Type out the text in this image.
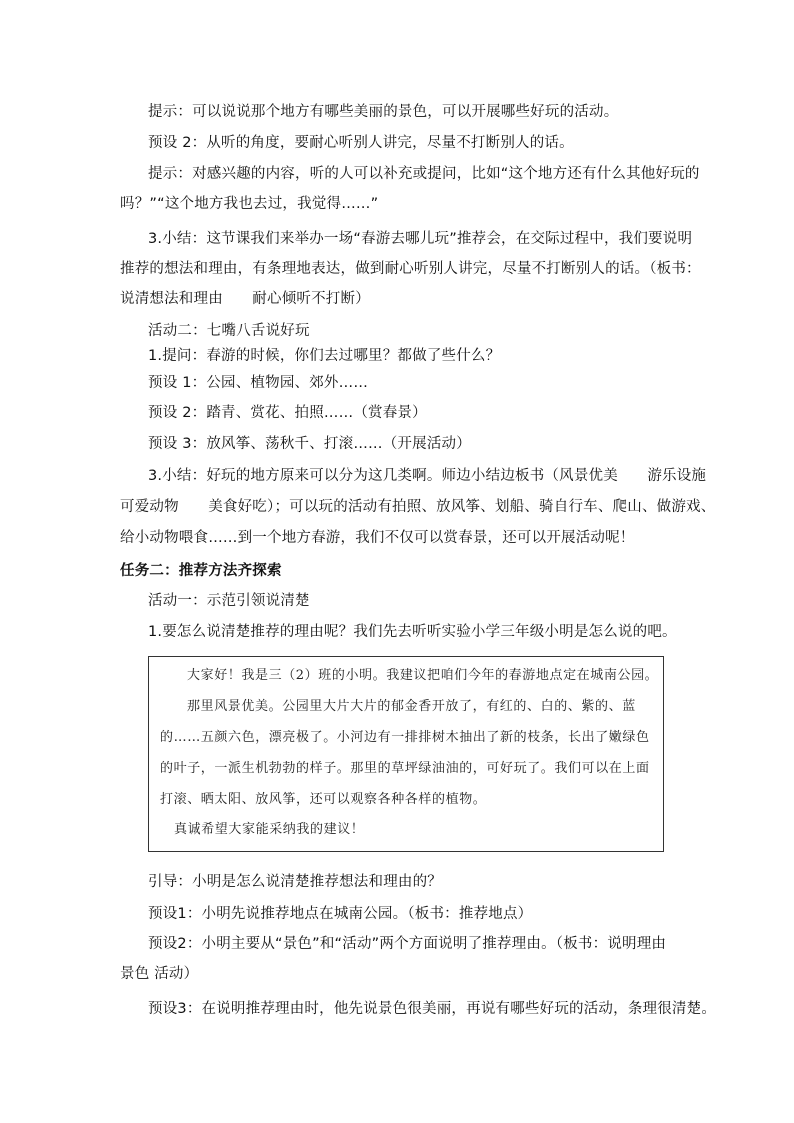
提示：可以说说那个地方有哪些美丽的景色，可以开展哪些好玩的活动。
预设 2：从听的角度，要耐心听别人讲完，尽量不打断别人的话。
提示：对感兴趣的内容，听的人可以补充或提问，比如“这个地方还有什么其他好玩的
吗？”“这个地方我也去过，我觉得……”
3.小结：这节课我们来举办一场“春游去哪儿玩”推荐会，在交际过程中，我们要说明
推荐的想法和理由，有条理地表达，做到耐心听别人讲完，尽量不打断别人的话。（板书：
说清想法和理由　　耐心倾听不打断）
活动二：七嘴八舌说好玩
1.提问：春游的时候，你们去过哪里？都做了些什么？
预设 1：公园、植物园、郊外……
预设 2：踏青、赏花、拍照……（赏春景）
预设 3：放风筝、荡秋千、打滚……（开展活动）
3.小结：好玩的地方原来可以分为这几类啊。师边小结边板书（风景优美　　游乐设施
可爱动物　　美食好吃）；可以玩的活动有拍照、放风筝、划船、骑自行车、爬山、做游戏、
给小动物喂食……到一个地方春游，我们不仅可以赏春景，还可以开展活动呢！
任务二：推荐方法齐探索
活动一：示范引领说清楚
1.要怎么说清楚推荐的理由呢？我们先去听听实验小学三年级小明是怎么说的吧。
大家好！我是三（2）班的小明。我建议把咱们今年的春游地点定在城南公园。
那里风景优美。公园里大片大片的郁金香开放了，有红的、白的、紫的、蓝
的……五颜六色，漂亮极了。小河边有一排排树木抽出了新的枝条，长出了嫩绿色
的叶子，一派生机勃勃的样子。那里的草坪绿油油的，可好玩了。我们可以在上面
打滚、晒太阳、放风筝，还可以观察各种各样的植物。
真诚希望大家能采纳我的建议！
引导：小明是怎么说清楚推荐想法和理由的？
预设1：小明先说推荐地点在城南公园。（板书：推荐地点）
预设2：小明主要从“景色”和“活动”两个方面说明了推荐理由。（板书：说明理由
景色 活动）
预设3：在说明推荐理由时，他先说景色很美丽，再说有哪些好玩的活动，条理很清楚。
